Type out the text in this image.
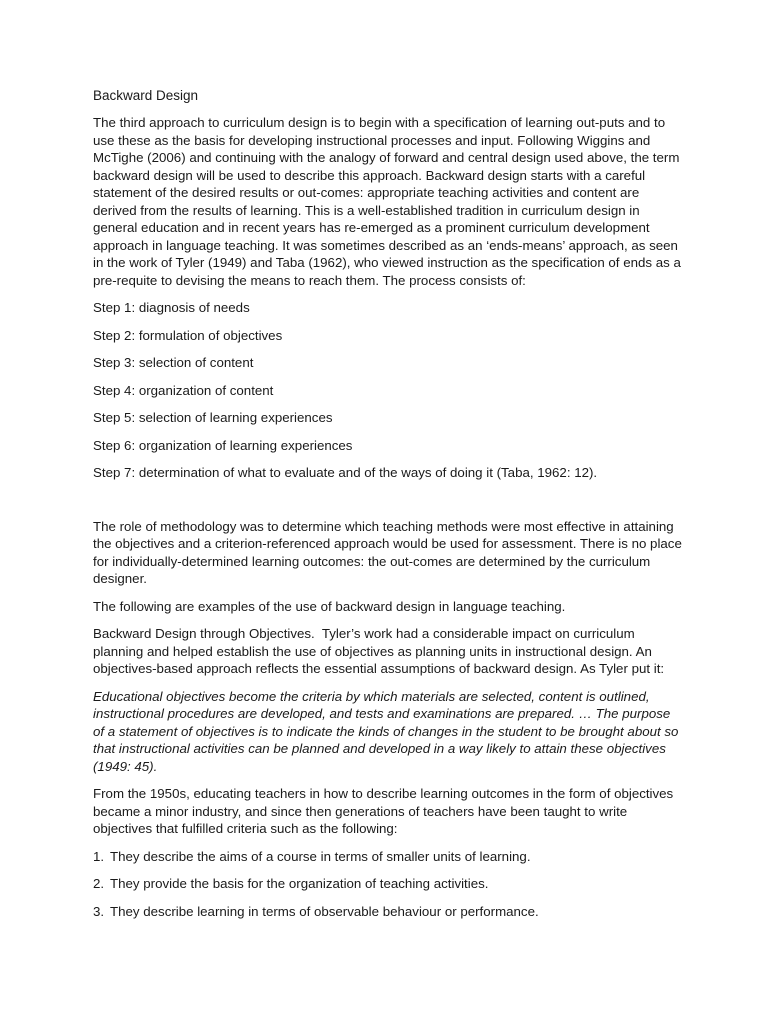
Backward Design

The third approach to curriculum design is to begin with a specification of learning out-puts and to use these as the basis for developing instructional processes and input. Following Wiggins and McTighe (2006) and continuing with the analogy of forward and central design used above, the term backward design will be used to describe this approach. Backward design starts with a careful statement of the desired results or out-comes: appropriate teaching activities and content are derived from the results of learning. This is a well-established tradition in curriculum design in general education and in recent years has re-emerged as a prominent curriculum development approach in language teaching. It was sometimes described as an ‘ends-means’ approach, as seen in the work of Tyler (1949) and Taba (1962), who viewed instruction as the specification of ends as a pre-requite to devising the means to reach them. The process consists of:

Step 1: diagnosis of needs
Step 2: formulation of objectives
Step 3: selection of content
Step 4: organization of content
Step 5: selection of learning experiences
Step 6: organization of learning experiences
Step 7: determination of what to evaluate and of the ways of doing it (Taba, 1962: 12).

The role of methodology was to determine which teaching methods were most effective in attaining the objectives and a criterion-referenced approach would be used for assessment. There is no place for individually-determined learning outcomes: the out-comes are determined by the curriculum designer.

The following are examples of the use of backward design in language teaching.

Backward Design through Objectives.  Tyler’s work had a considerable impact on curriculum planning and helped establish the use of objectives as planning units in instructional design. An objectives-based approach reflects the essential assumptions of backward design. As Tyler put it:

Educational objectives become the criteria by which materials are selected, content is outlined, instructional procedures are developed, and tests and examinations are prepared. … The purpose of a statement of objectives is to indicate the kinds of changes in the student to be brought about so that instructional activities can be planned and developed in a way likely to attain these objectives (1949: 45).

From the 1950s, educating teachers in how to describe learning outcomes in the form of objectives became a minor industry, and since then generations of teachers have been taught to write objectives that fulfilled criteria such as the following:

1. They describe the aims of a course in terms of smaller units of learning.
2. They provide the basis for the organization of teaching activities.
3. They describe learning in terms of observable behaviour or performance.
